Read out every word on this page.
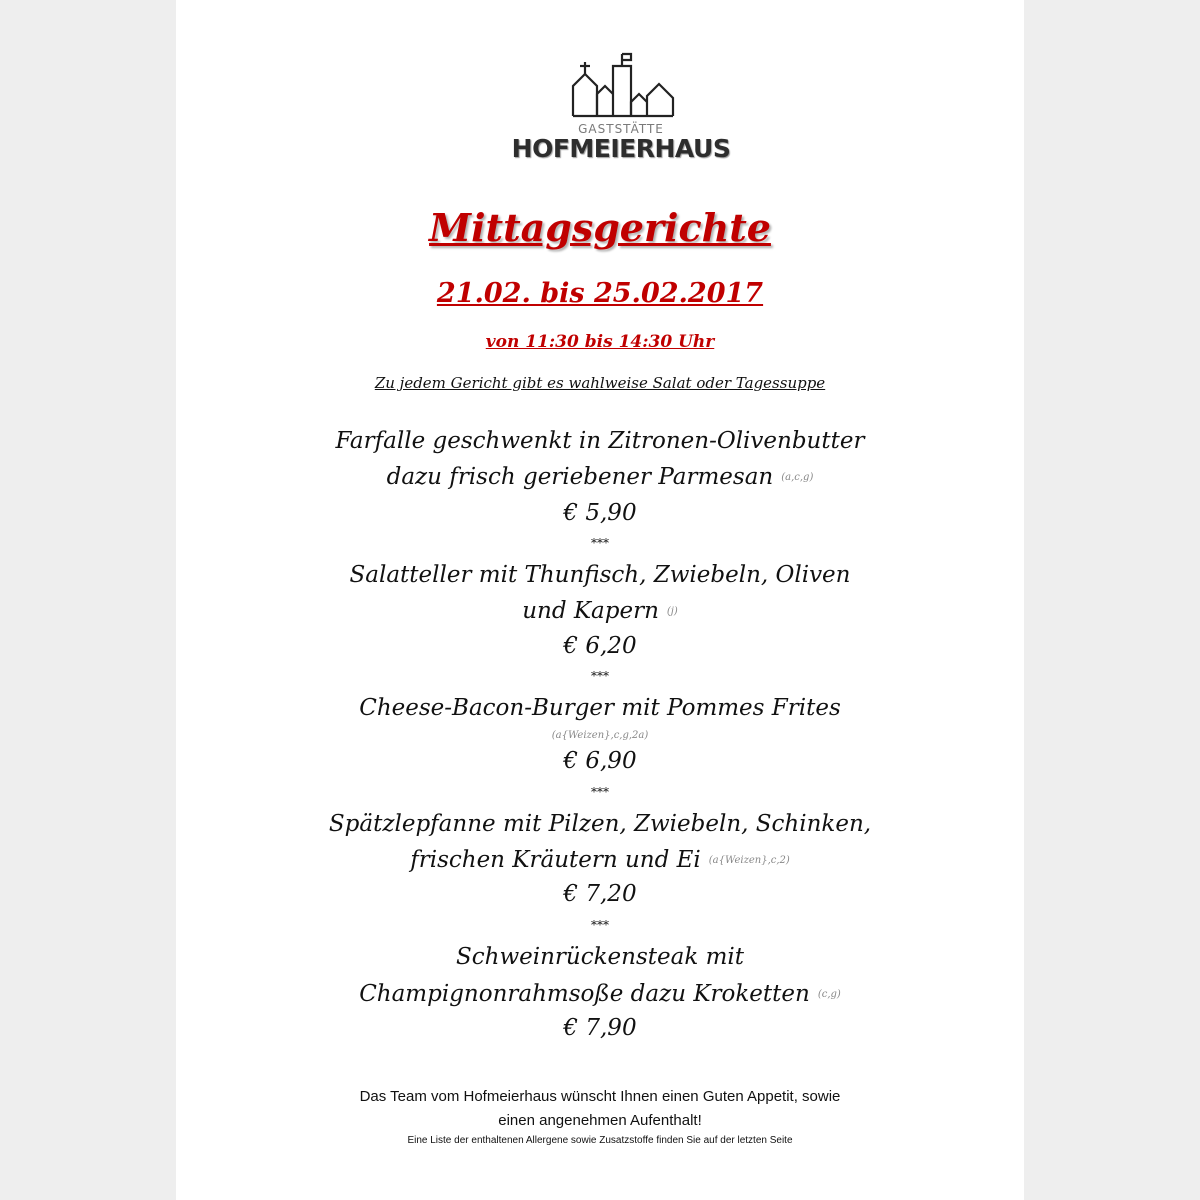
GASTSTÄTTE
HOFMEIERHAUS
Mittagsgerichte
21.02. bis 25.02.2017
von 11:30 bis 14:30 Uhr
Zu jedem Gericht gibt es wahlweise Salat oder Tagessuppe
Farfalle geschwenkt in Zitronen-Olivenbutter
dazu frisch geriebener Parmesan (a,c,g)
€ 5,90
***
Salatteller mit Thunfisch, Zwiebeln, Oliven
und Kapern (j)
€ 6,20
***
Cheese-Bacon-Burger mit Pommes Frites
(a{Weizen},c,g,2a)
€ 6,90
***
Spätzlepfanne mit Pilzen, Zwiebeln, Schinken,
frischen Kräutern und Ei (a{Weizen},c,2)
€ 7,20
***
Schweinrückensteak mit
Champignonrahmsoße dazu Kroketten (c,g)
€ 7,90
Das Team vom Hofmeierhaus wünscht Ihnen einen Guten Appetit, sowie
einen angenehmen Aufenthalt!
Eine Liste der enthaltenen Allergene sowie Zusatzstoffe finden Sie auf der letzten Seite
